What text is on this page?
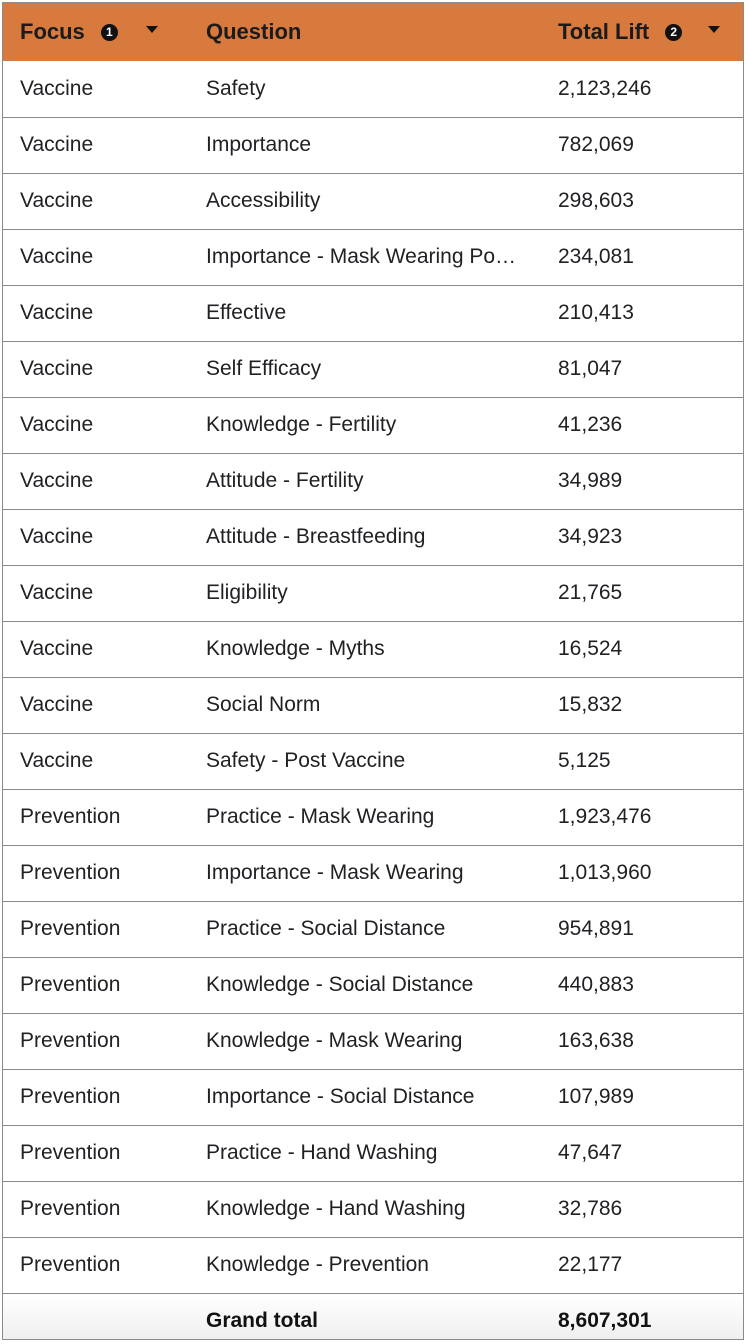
Focus 1	Question	Total Lift 2

Vaccine	Safety	2,123,246
Vaccine	Importance	782,069
Vaccine	Accessibility	298,603
Vaccine	Importance - Mask Wearing Po…	234,081
Vaccine	Effective	210,413
Vaccine	Self Efficacy	81,047
Vaccine	Knowledge - Fertility	41,236
Vaccine	Attitude - Fertility	34,989
Vaccine	Attitude - Breastfeeding	34,923
Vaccine	Eligibility	21,765
Vaccine	Knowledge - Myths	16,524
Vaccine	Social Norm	15,832
Vaccine	Safety - Post Vaccine	5,125
Prevention	Practice - Mask Wearing	1,923,476
Prevention	Importance - Mask Wearing	1,013,960
Prevention	Practice - Social Distance	954,891
Prevention	Knowledge - Social Distance	440,883
Prevention	Knowledge - Mask Wearing	163,638
Prevention	Importance - Social Distance	107,989
Prevention	Practice - Hand Washing	47,647
Prevention	Knowledge - Hand Washing	32,786
Prevention	Knowledge - Prevention	22,177
	Grand total	8,607,301
